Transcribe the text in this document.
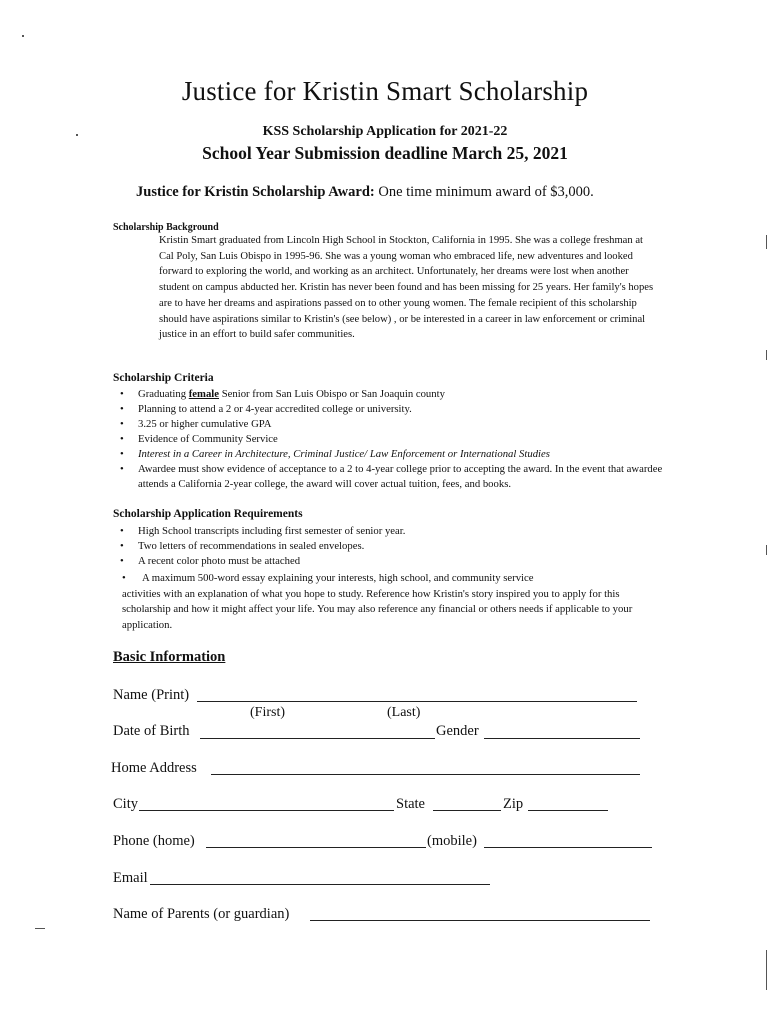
Justice for Kristin Smart Scholarship
KSS Scholarship Application for 2021-22
School Year Submission deadline March 25, 2021
Justice for Kristin Scholarship Award: One time minimum award of $3,000.
Scholarship Background
Kristin Smart graduated from Lincoln High School in Stockton, California in 1995. She was a college freshman at Cal Poly, San Luis Obispo in 1995-96. She was a young woman who embraced life, new adventures and looked forward to exploring the world, and working as an architect. Unfortunately, her dreams were lost when another student on campus abducted her. Kristin has never been found and has been missing for 25 years. Her family's hopes are to have her dreams and aspirations passed on to other young women. The female recipient of this scholarship should have aspirations similar to Kristin's (see below) , or be interested in a career in law enforcement or criminal justice in an effort to build safer communities.
Scholarship Criteria
• Graduating female Senior from San Luis Obispo or San Joaquin county
• Planning to attend a 2 or 4-year accredited college or university.
• 3.25 or higher cumulative GPA
• Evidence of Community Service
• Interest in a Career in Architecture, Criminal Justice/ Law Enforcement or International Studies
• Awardee must show evidence of acceptance to a 2 to 4-year college prior to accepting the award. In the event that awardee attends a California 2-year college, the award will cover actual tuition, fees, and books.
Scholarship Application Requirements
• High School transcripts including first semester of senior year.
• Two letters of recommendations in sealed envelopes.
• A recent color photo must be attached
• A maximum 500-word essay explaining your interests, high school, and community service
activities with an explanation of what you hope to study. Reference how Kristin's story inspired you to apply for this scholarship and how it might affect your life. You may also reference any financial or others needs if applicable to your application.
Basic Information
Name (Print)
(First)	(Last)
Date of Birth	Gender
Home Address
City	State	Zip
Phone (home)	(mobile)
Email
Name of Parents (or guardian)
